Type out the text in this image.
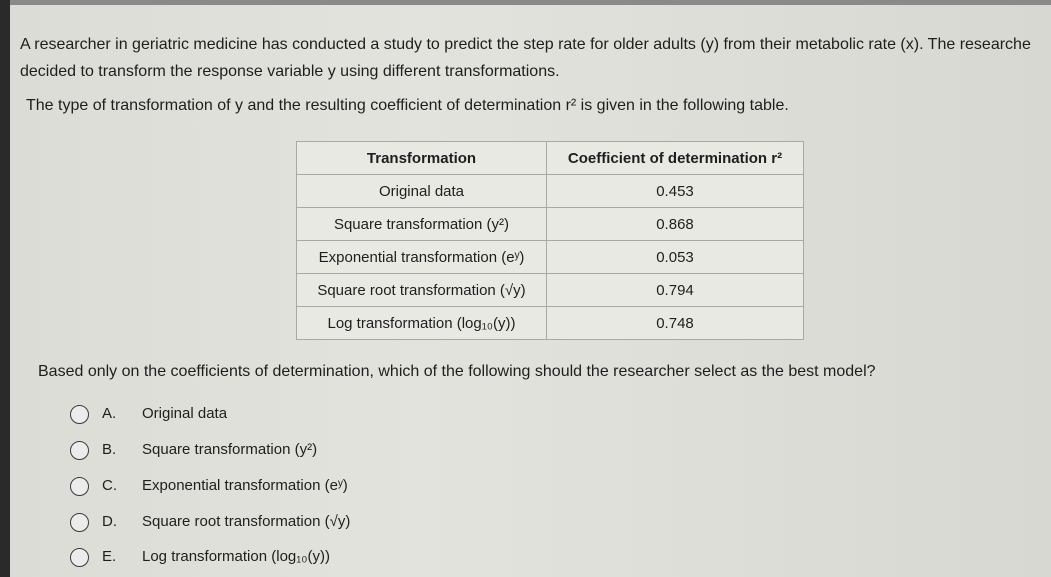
A researcher in geriatric medicine has conducted a study to predict the step rate for older adults (y) from their metabolic rate (x). The researche
decided to transform the response variable y using different transformations.
The type of transformation of y and the resulting coefficient of determination r² is given in the following table.
Transformation	Coefficient of determination r²
Original data	0.453
Square transformation (y²)	0.868
Exponential transformation (eʸ)	0.053
Square root transformation (√y)	0.794
Log transformation (log₁₀(y))	0.748
Based only on the coefficients of determination, which of the following should the researcher select as the best model?
A. Original data
B. Square transformation (y²)
C. Exponential transformation (eʸ)
D. Square root transformation (√y)
E. Log transformation (log₁₀(y))
